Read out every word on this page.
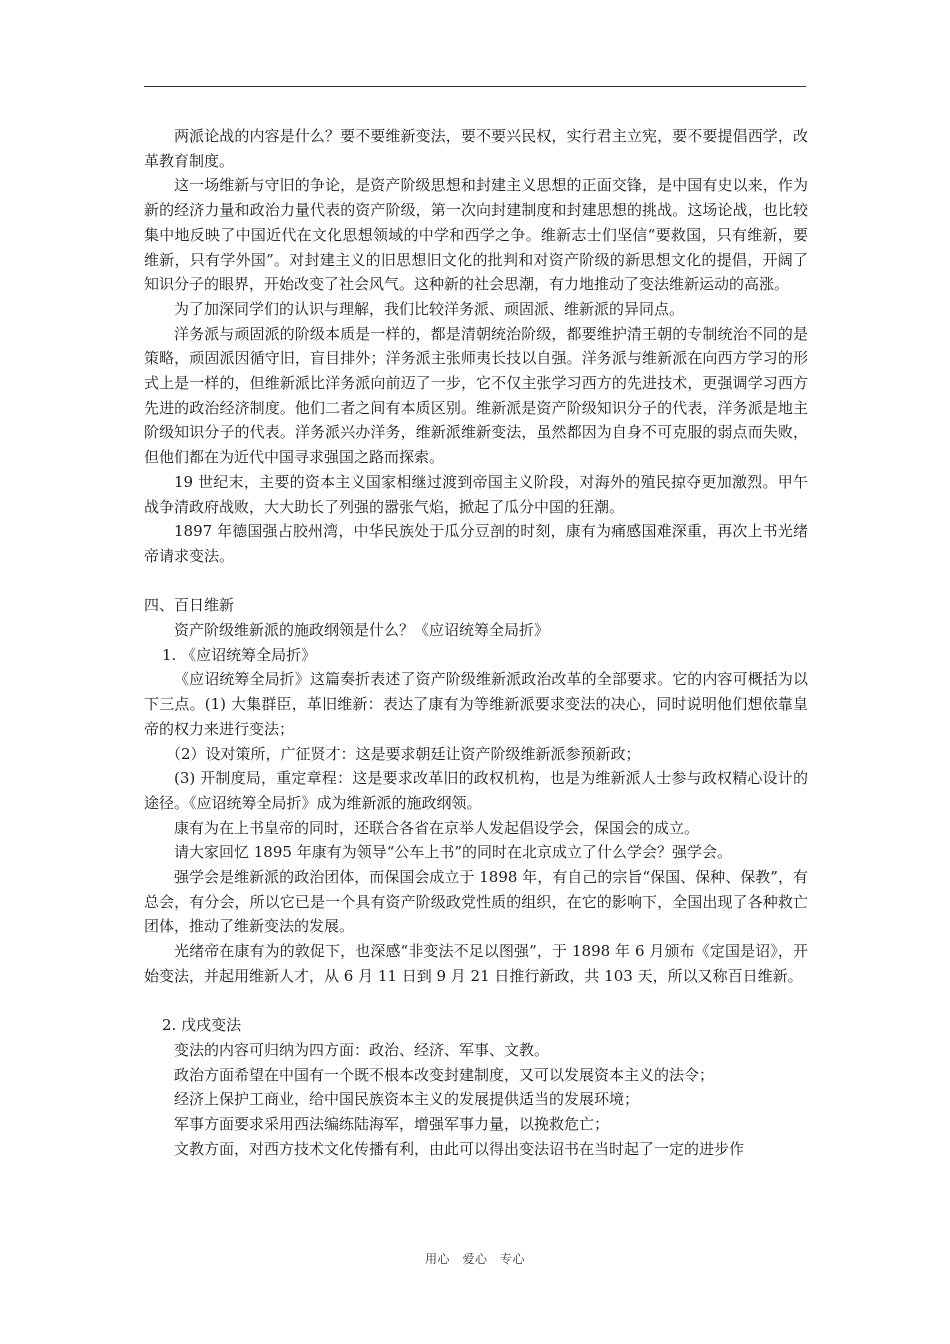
两派论战的内容是什么？要不要维新变法，要不要兴民权，实行君主立宪，要不要提倡西学，改革教育制度。

这一场维新与守旧的争论，是资产阶级思想和封建主义思想的正面交锋，是中国有史以来，作为新的经济力量和政治力量代表的资产阶级，第一次向封建制度和封建思想的挑战。这场论战，也比较集中地反映了中国近代在文化思想领域的中学和西学之争。维新志士们坚信“要救国，只有维新，要维新，只有学外国”。对封建主义的旧思想旧文化的批判和对资产阶级的新思想文化的提倡，开阔了知识分子的眼界，开始改变了社会风气。这种新的社会思潮，有力地推动了变法维新运动的高涨。

为了加深同学们的认识与理解，我们比较洋务派、顽固派、维新派的异同点。

洋务派与顽固派的阶级本质是一样的，都是清朝统治阶级，都要维护清王朝的专制统治不同的是策略，顽固派因循守旧，盲目排外；洋务派主张师夷长技以自强。洋务派与维新派在向西方学习的形式上是一样的，但维新派比洋务派向前迈了一步，它不仅主张学习西方的先进技术，更强调学习西方先进的政治经济制度。他们二者之间有本质区别。维新派是资产阶级知识分子的代表，洋务派是地主阶级知识分子的代表。洋务派兴办洋务，维新派维新变法，虽然都因为自身不可克服的弱点而失败，但他们都在为近代中国寻求强国之路而探索。

19 世纪末，主要的资本主义国家相继过渡到帝国主义阶段，对海外的殖民掠夺更加激烈。甲午战争清政府战败，大大助长了列强的嚣张气焰，掀起了瓜分中国的狂潮。

1897 年德国强占胶州湾，中华民族处于瓜分豆剖的时刻，康有为痛感国难深重，再次上书光绪帝请求变法。

四、百日维新

资产阶级维新派的施政纲领是什么？《应诏统筹全局折》

1. 《应诏统筹全局折》

《应诏统筹全局折》这篇奏折表述了资产阶级维新派政治改革的全部要求。它的内容可概括为以下三点。(1) 大集群臣，革旧维新：表达了康有为等维新派要求变法的决心，同时说明他们想依靠皇帝的权力来进行变法；

（2）设对策所，广征贤才：这是要求朝廷让资产阶级维新派参预新政；

(3) 开制度局，重定章程：这是要求改革旧的政权机构，也是为维新派人士参与政权精心设计的途径。《应诏统筹全局折》成为维新派的施政纲领。

康有为在上书皇帝的同时，还联合各省在京举人发起倡设学会，保国会的成立。

请大家回忆 1895 年康有为领导“公车上书”的同时在北京成立了什么学会？强学会。

强学会是维新派的政治团体，而保国会成立于 1898 年，有自己的宗旨“保国、保种、保教”，有总会，有分会，所以它已是一个具有资产阶级政党性质的组织，在它的影响下，全国出现了各种救亡团体，推动了维新变法的发展。

光绪帝在康有为的敦促下，也深感“非变法不足以图强”，于 1898 年 6 月颁布《定国是诏》，开始变法，并起用维新人才，从 6 月 11 日到 9 月 21 日推行新政，共 103 天，所以又称百日维新。

2. 戊戌变法

变法的内容可归纳为四方面：政治、经济、军事、文教。

政治方面希望在中国有一个既不根本改变封建制度，又可以发展资本主义的法令；

经济上保护工商业，给中国民族资本主义的发展提供适当的发展环境；

军事方面要求采用西法编练陆海军，增强军事力量，以挽救危亡；

文教方面，对西方技术文化传播有利，由此可以得出变法诏书在当时起了一定的进步作

用心　爱心　专心
